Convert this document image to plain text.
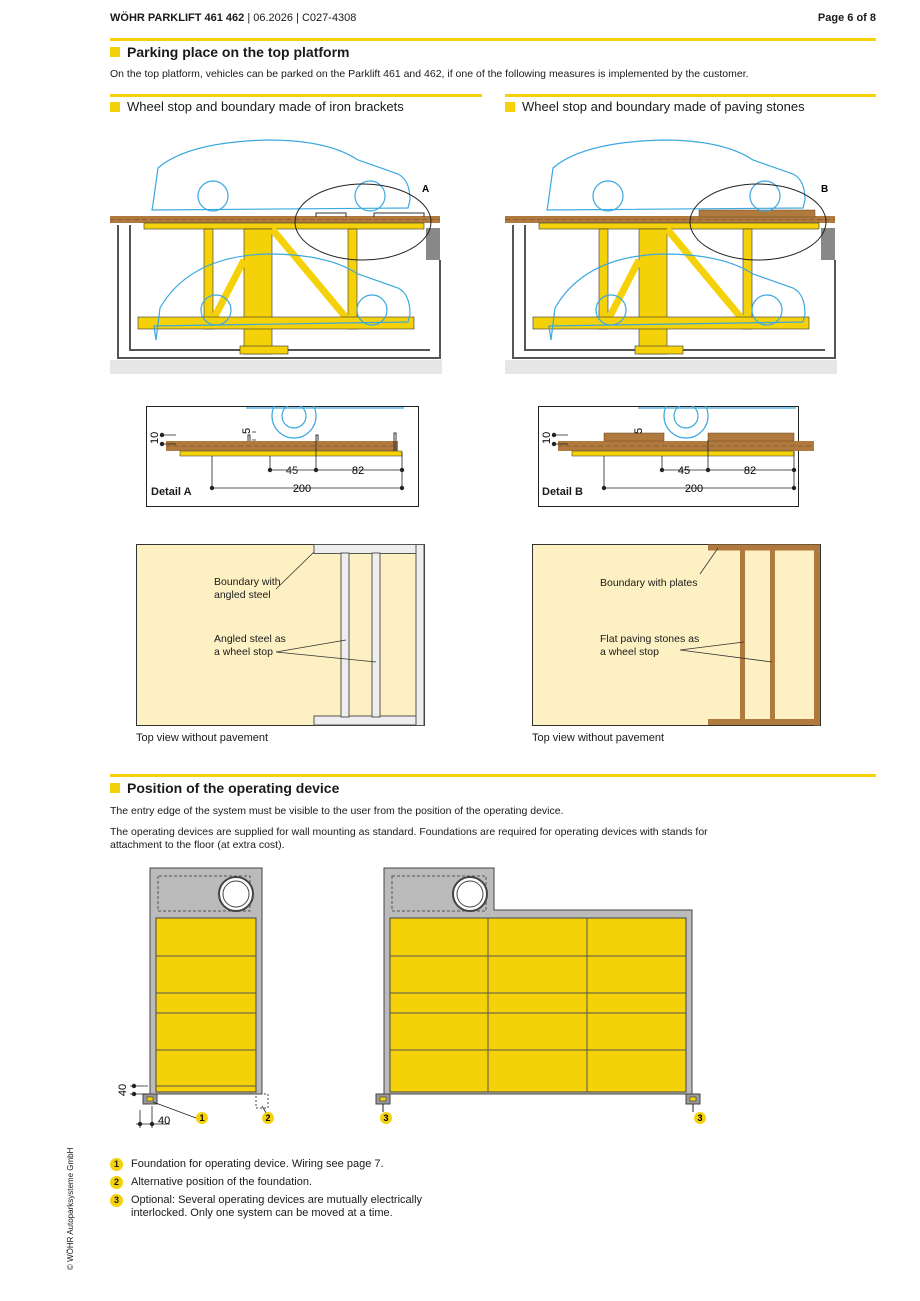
WÖHR PARKLIFT 461 462 | 06.2026 | C027-4308	Page 6 of 8
Parking place on the top platform
On the top platform, vehicles can be parked on the Parklift 461 and 462, if one of the following measures is implemented by the customer.
Wheel stop and boundary made of iron brackets	Wheel stop and boundary made of paving stones
A	B
10
5
45	82
200
Detail A
10
5
45	82
200
Detail B
Boundary with angled steel
Angled steel as a wheel stop
Top view without pavement
Boundary with plates
Flat paving stones as a wheel stop
Top view without pavement
Position of the operating device
The entry edge of the system must be visible to the user from the position of the operating device.
The operating devices are supplied for wall mounting as standard. Foundations are required for operating devices with stands for attachment to the floor (at extra cost).
40
40	1	2	3	3
1	Foundation for operating device. Wiring see page 7.
2	Alternative position of the foundation.
3	Optional: Several operating devices are mutually electrically interlocked. Only one system can be moved at a time.
© WÖHR Autoparksysteme GmbH
